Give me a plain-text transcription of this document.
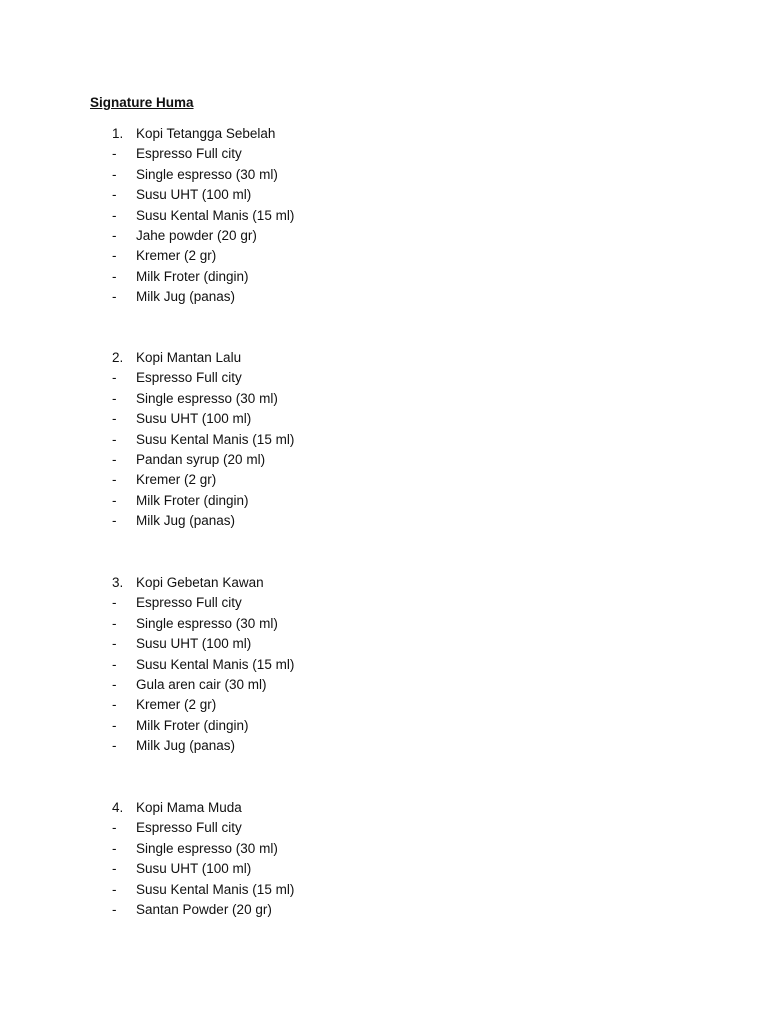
Signature Huma
1. Kopi Tetangga Sebelah
- Espresso Full city
- Single espresso (30 ml)
- Susu UHT (100 ml)
- Susu Kental Manis (15 ml)
- Jahe powder (20 gr)
- Kremer (2 gr)
- Milk Froter (dingin)
- Milk Jug (panas)
2. Kopi Mantan Lalu
- Espresso Full city
- Single espresso (30 ml)
- Susu UHT (100 ml)
- Susu Kental Manis (15 ml)
- Pandan syrup (20 ml)
- Kremer (2 gr)
- Milk Froter (dingin)
- Milk Jug (panas)
3. Kopi Gebetan Kawan
- Espresso Full city
- Single espresso (30 ml)
- Susu UHT (100 ml)
- Susu Kental Manis (15 ml)
- Gula aren cair (30 ml)
- Kremer (2 gr)
- Milk Froter (dingin)
- Milk Jug (panas)
4. Kopi Mama Muda
- Espresso Full city
- Single espresso (30 ml)
- Susu UHT (100 ml)
- Susu Kental Manis (15 ml)
- Santan Powder (20 gr)
